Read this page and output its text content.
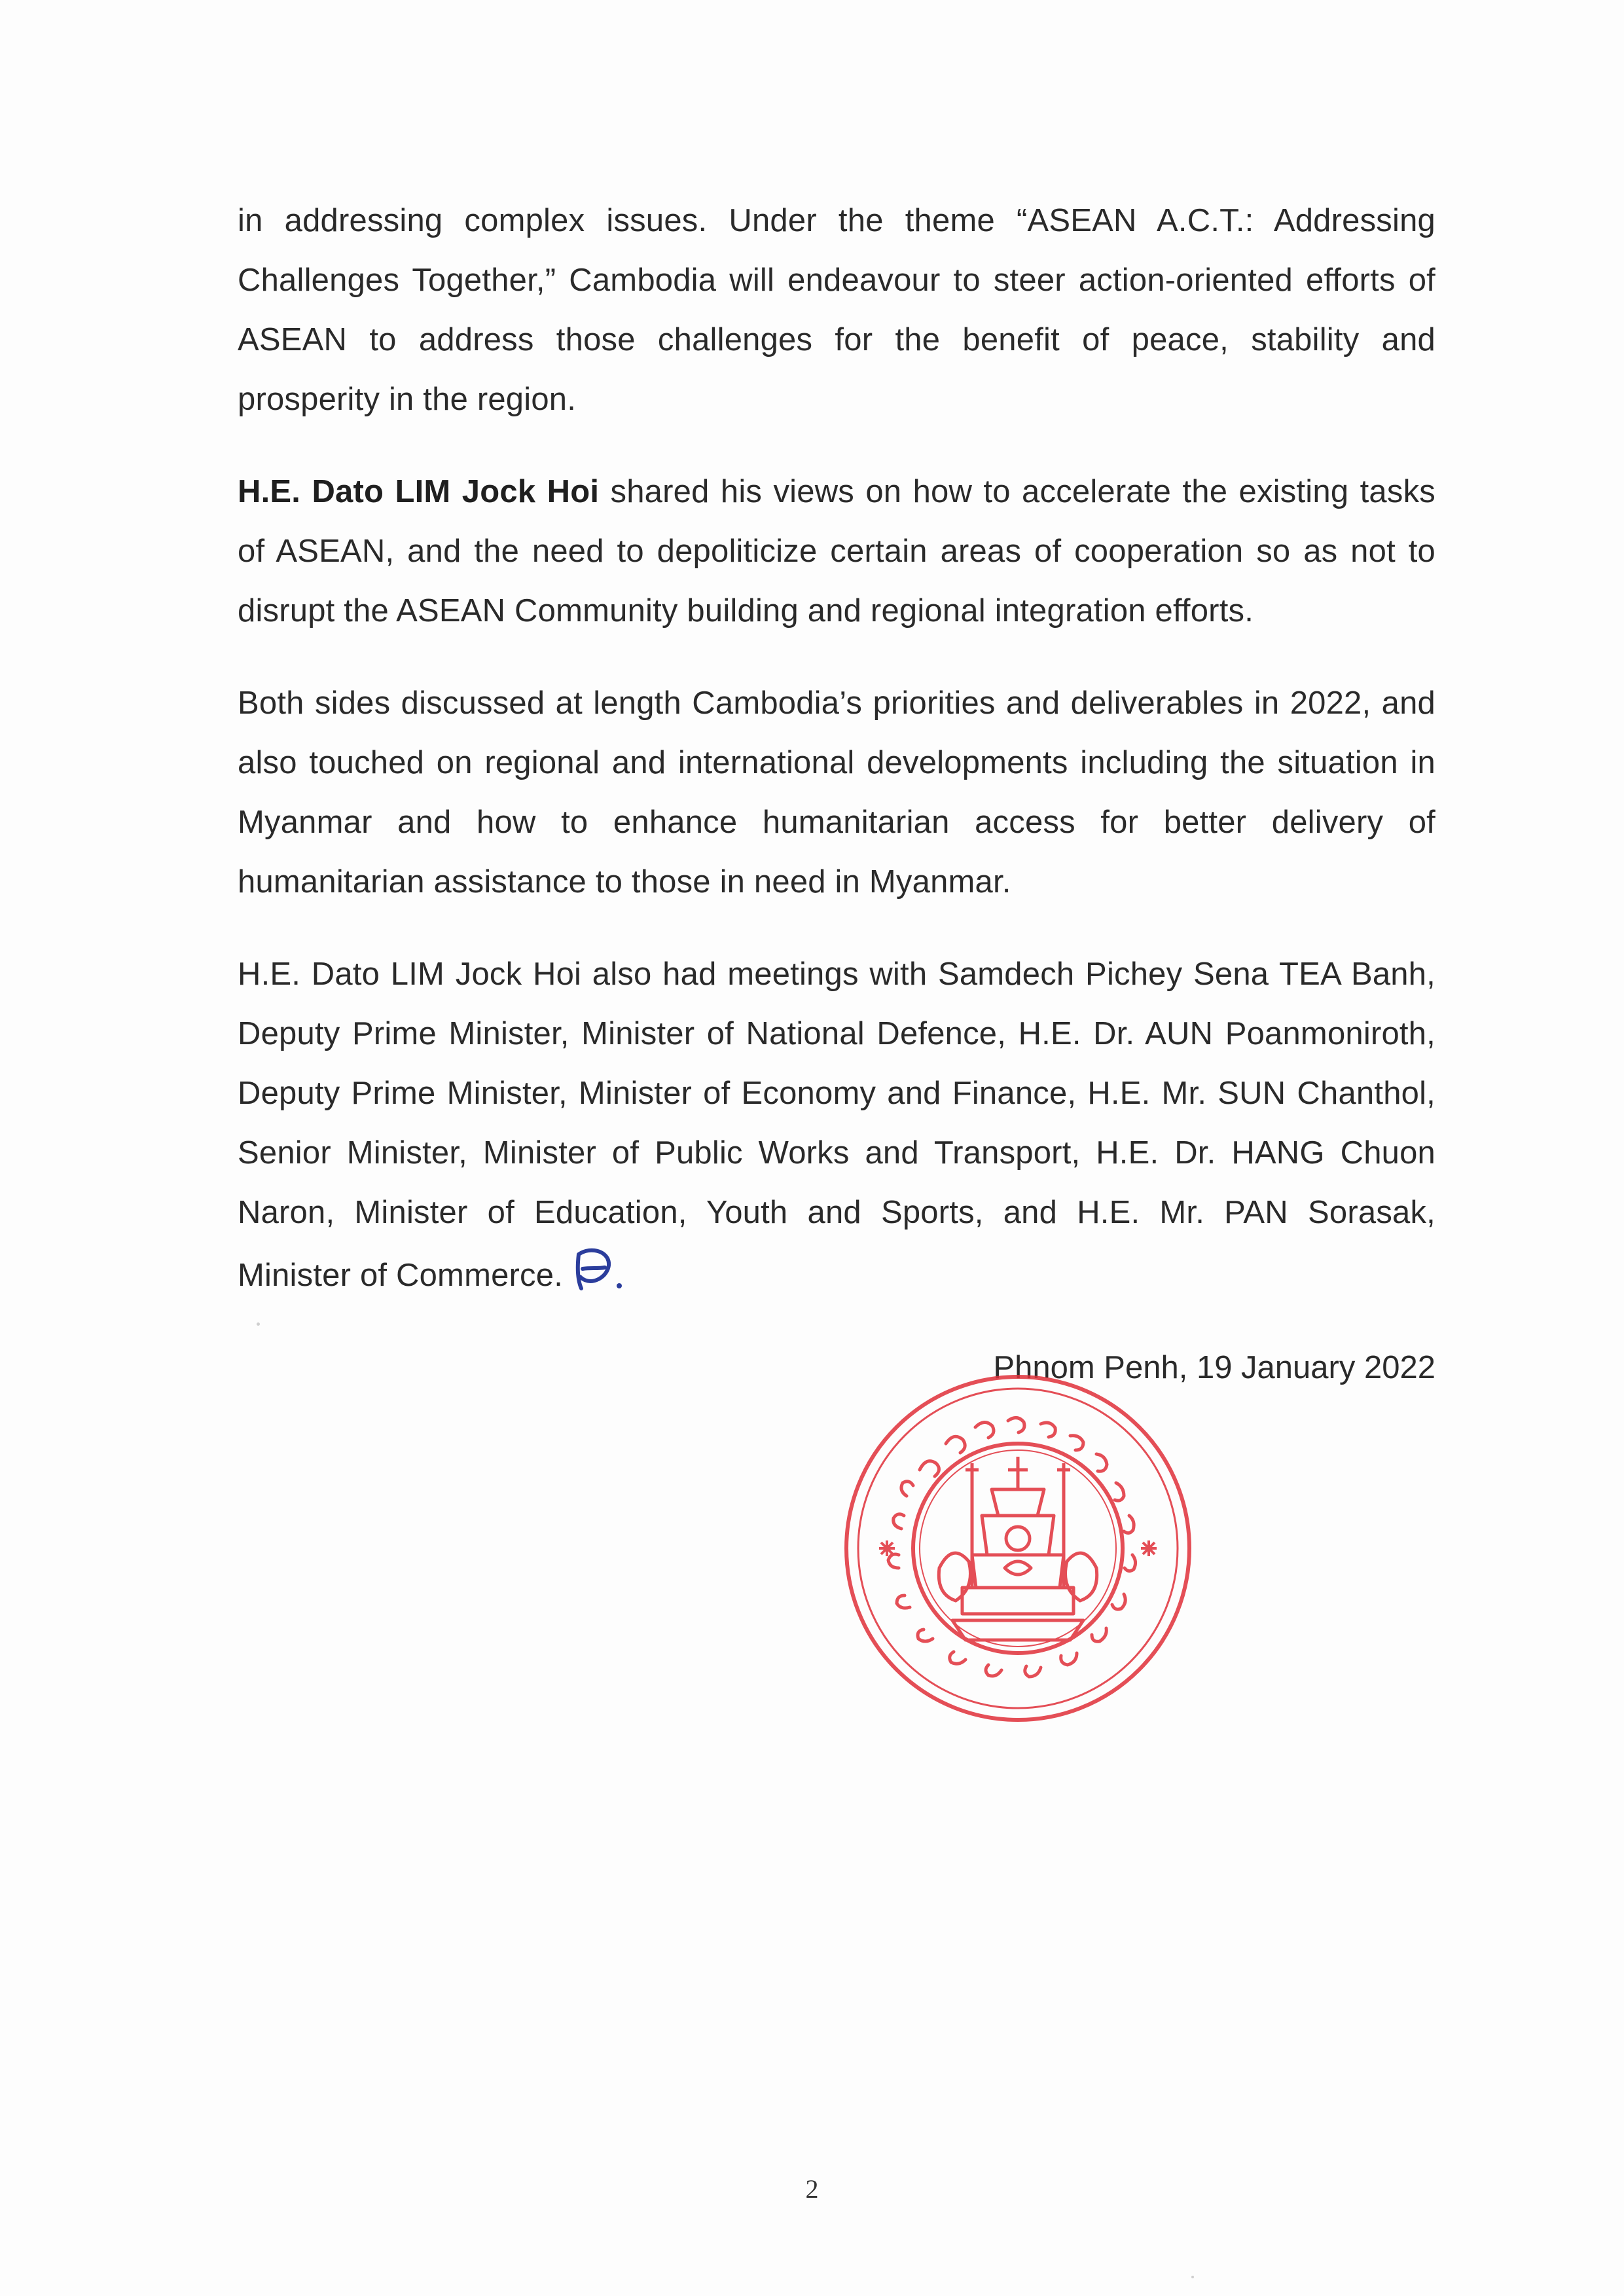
in addressing complex issues. Under the theme “ASEAN A.C.T.: Addressing Challenges Together,” Cambodia will endeavour to steer action-oriented efforts of ASEAN to address those challenges for the benefit of peace, stability and prosperity in the region.

H.E. Dato LIM Jock Hoi shared his views on how to accelerate the existing tasks of ASEAN, and the need to depoliticize certain areas of cooperation so as not to disrupt the ASEAN Community building and regional integration efforts.

Both sides discussed at length Cambodia’s priorities and deliverables in 2022, and also touched on regional and international developments including the situation in Myanmar and how to enhance humanitarian access for better delivery of humanitarian assistance to those in need in Myanmar.

H.E. Dato LIM Jock Hoi also had meetings with Samdech Pichey Sena TEA Banh, Deputy Prime Minister, Minister of National Defence, H.E. Dr. AUN Poanmoniroth, Deputy Prime Minister, Minister of Economy and Finance, H.E. Mr. SUN Chanthol, Senior Minister, Minister of Public Works and Transport, H.E. Dr. HANG Chuon Naron, Minister of Education, Youth and Sports, and H.E. Mr. PAN Sorasak, Minister of Commerce.

Phnom Penh, 19 January 2022
2
